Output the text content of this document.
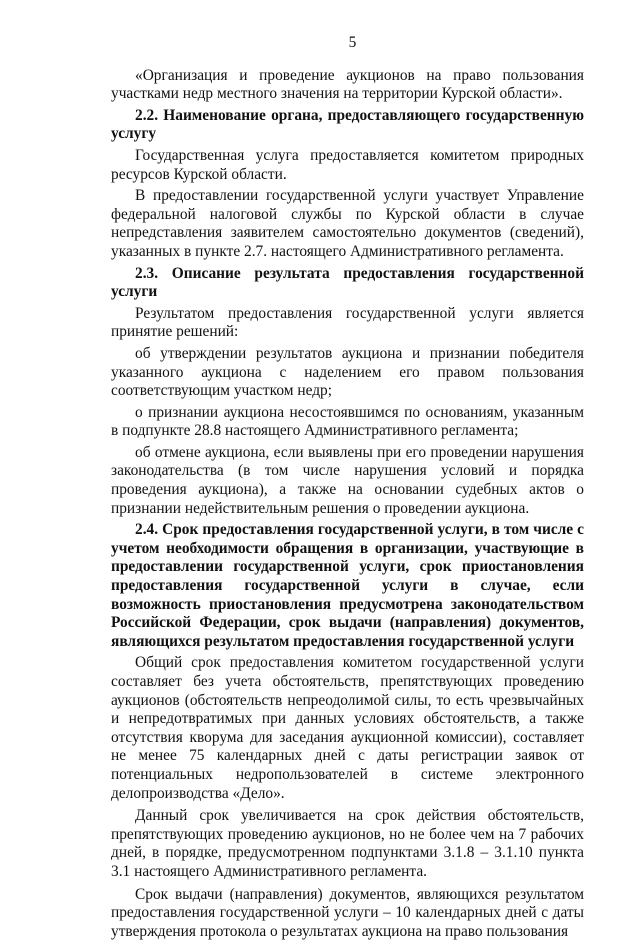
5

«Организация и проведение аукционов на право пользования участками недр местного значения на территории Курской области».

2.2. Наименование органа, предоставляющего государственную услугу

Государственная услуга предоставляется комитетом природных ресурсов Курской области.

В предоставлении государственной услуги участвует Управление федеральной налоговой службы по Курской области в случае непредставления заявителем самостоятельно документов (сведений), указанных в пункте 2.7. настоящего Административного регламента.

2.3. Описание результата предоставления государственной услуги

Результатом предоставления государственной услуги является принятие решений:

об утверждении результатов аукциона и признании победителя указанного аукциона с наделением его правом пользования соответствующим участком недр;

о признании аукциона несостоявшимся по основаниям, указанным в подпункте 28.8 настоящего Административного регламента;

об отмене аукциона, если выявлены при его проведении нарушения законодательства (в том числе нарушения условий и порядка проведения аукциона), а также на основании судебных актов о признании недействительным решения о проведении аукциона.

2.4. Срок предоставления государственной услуги, в том числе с учетом необходимости обращения в организации, участвующие в предоставлении государственной услуги, срок приостановления предоставления государственной услуги в случае, если возможность приостановления предусмотрена законодательством Российской Федерации, срок выдачи (направления) документов, являющихся результатом предоставления государственной услуги

Общий срок предоставления комитетом государственной услуги составляет без учета обстоятельств, препятствующих проведению аукционов (обстоятельств непреодолимой силы, то есть чрезвычайных и непредотвратимых при данных условиях обстоятельств, а также отсутствия кворума для заседания аукционной комиссии), составляет не менее 75 календарных дней с даты регистрации заявок от потенциальных недропользователей в системе электронного делопроизводства «Дело».

Данный срок увеличивается на срок действия обстоятельств, препятствующих проведению аукционов, но не более чем на 7 рабочих дней, в порядке, предусмотренном подпунктами 3.1.8 – 3.1.10 пункта 3.1 настоящего Административного регламента.

Срок выдачи (направления) документов, являющихся результатом предоставления государственной услуги – 10 календарных дней с даты утверждения протокола о результатах аукциона на право пользования
